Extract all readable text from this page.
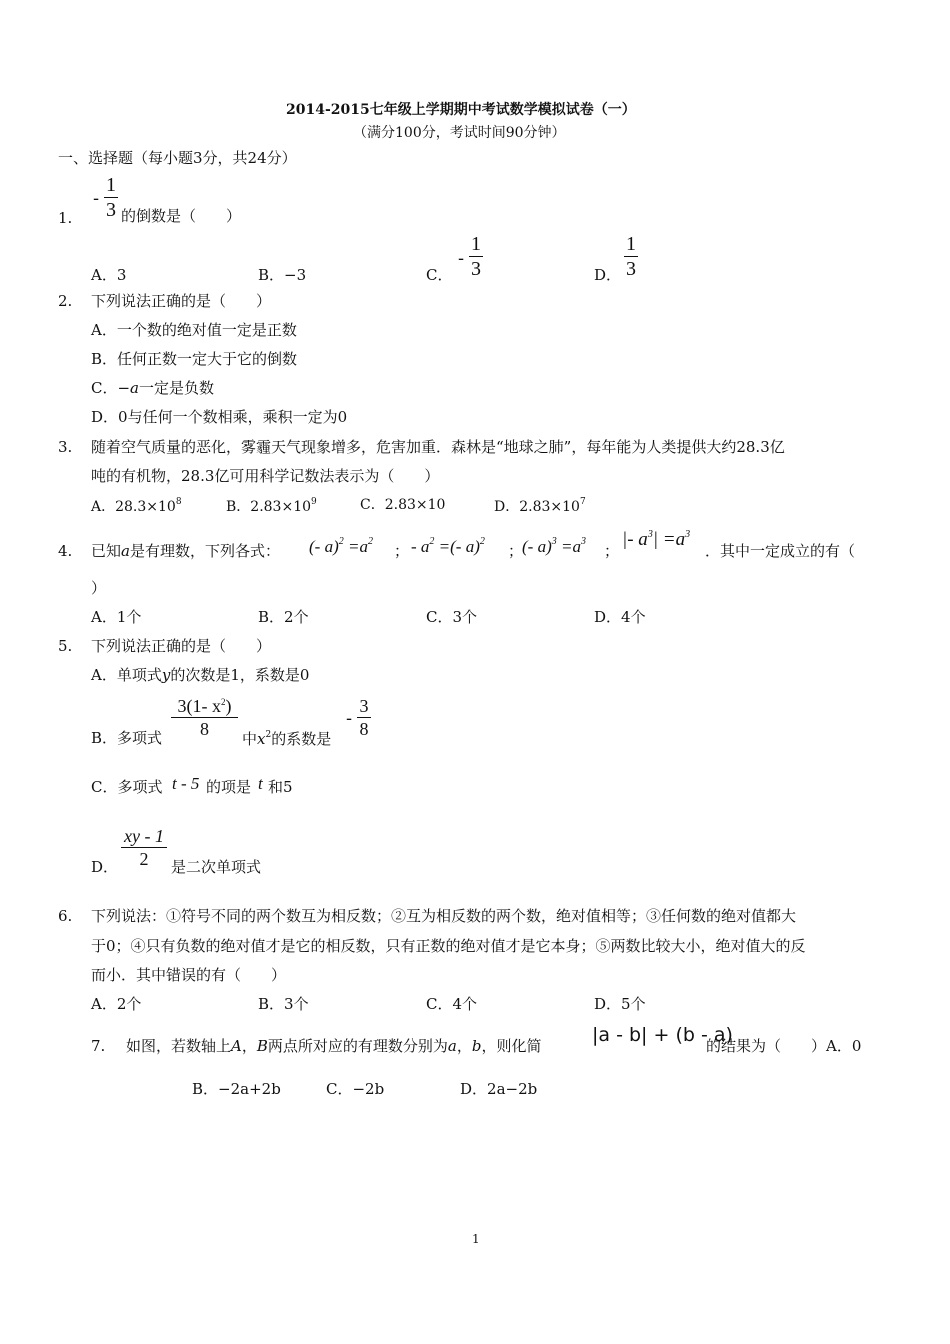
2014-2015七年级上学期期中考试数学模拟试卷（一）
（满分100分，考试时间90分钟）
一、选择题（每小题3分，共24分）
-
1
3
1.	的倒数是（　　）
A．3	B．−3	C．
-
1
3	D．
1
3
2. 下列说法正确的是（　　）
A．一个数的绝对值一定是正数
B．任何正数一定大于它的倒数
C．−a一定是负数
D．0与任何一个数相乘，乘积一定为0
3. 随着空气质量的恶化，雾霾天气现象增多，危害加重．森林是“地球之肺”，每年能为人类提供大约28.3亿
吨的有机物，28.3亿可用科学记数法表示为（　　）
A．$28.3\times 10^8$	B．$2.83\times 10^9$	C．2.83×10	D．$2.83\times 10^7$
4. 已知a是有理数，下列各式： (- $a)^2 =a^2$
； - $a^2$ =(- a)$^2$
；
(- $a)^3 =a^3$
；
|- $a^3| =a^3$
．其中一定成立的有（
）
A．1个	B．2个	C．3个	D．4个
5. 下列说法正确的是（　　）
A．单项式y的次数是1，系数是0
B．多项式
3(1- $x^2$)
8	中$x^2$的系数是
-
3
8
C．多项式 t - 5 的项是 t 和5
D．
xy - 1
2	是二次单项式
6. 下列说法：①符号不同的两个数互为相反数；②互为相反数的两个数，绝对值相等；③任何数的绝对值都大
于0；④只有负数的绝对值才是它的相反数，只有正数的绝对值才是它本身；⑤两数比较大小，绝对值大的反
而小．其中错误的有（　　）
A．2个	B．3个	C．4个	D．5个
7. 如图，若数轴上A，B两点所对应的有理数分别为a，b，则化简	|a - b| + (b - a)
的结果为（　　）A．0
B．−2a+2b	C．−2b	D．2a−2b
1
